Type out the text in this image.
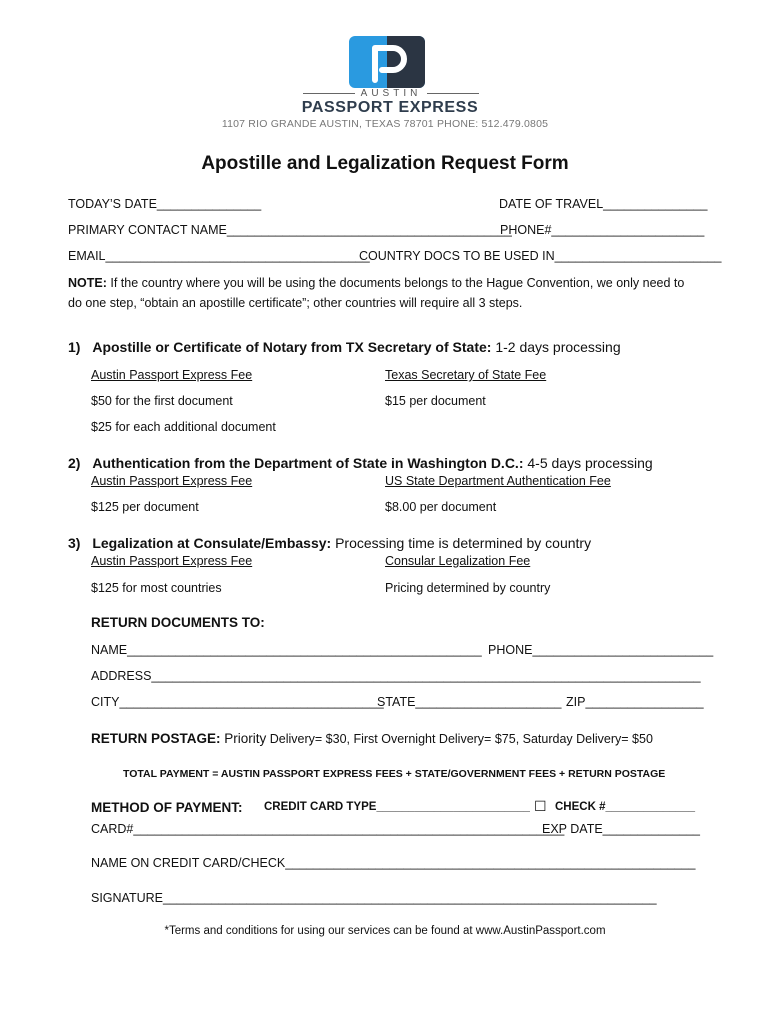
AUSTIN
PASSPORT EXPRESS
1107 RIO GRANDE AUSTIN, TEXAS 78701 PHONE: 512.479.0805
Apostille and Legalization Request Form
TODAY’S DATE_______________	DATE OF TRAVEL_______________
PRIMARY CONTACT NAME_________________________________________
PHONE#______________________
EMAIL______________________________________
COUNTRY DOCS TO BE USED IN________________________
NOTE: If the country where you will be using the documents belongs to the Hague Convention, we only need to
do one step, “obtain an apostille certificate”; other countries will require all 3 steps.
1) Apostille or Certificate of Notary from TX Secretary of State: 1-2 days processing
Austin Passport Express Fee	Texas Secretary of State Fee
$50 for the first document	$15 per document
$25 for each additional document
2) Authentication from the Department of State in Washington D.C.: 4-5 days processing
Austin Passport Express Fee	US State Department Authentication Fee
$125 per document	$8.00 per document
3) Legalization at Consulate/Embassy: Processing time is determined by country
Austin Passport Express Fee	Consular Legalization Fee
$125 for most countries	Pricing determined by country
RETURN DOCUMENTS TO:
NAME___________________________________________________ PHONE__________________________
ADDRESS_______________________________________________________________________________
CITY______________________________________
STATE_____________________ ZIP_________________
RETURN POSTAGE: Priority Delivery= $30, First Overnight Delivery= $75, Saturday Delivery= $50
TOTAL PAYMENT = AUSTIN PASSPORT EXPRESS FEES + STATE/GOVERNMENT FEES + RETURN POSTAGE
METHOD OF PAYMENT: CREDIT CARD TYPE________________________ ☐ CHECK #______________
CARD#______________________________________________________________
EXP DATE______________
NAME ON CREDIT CARD/CHECK___________________________________________________________
SIGNATURE_______________________________________________________________________
*Terms and conditions for using our services can be found at www.AustinPassport.com
